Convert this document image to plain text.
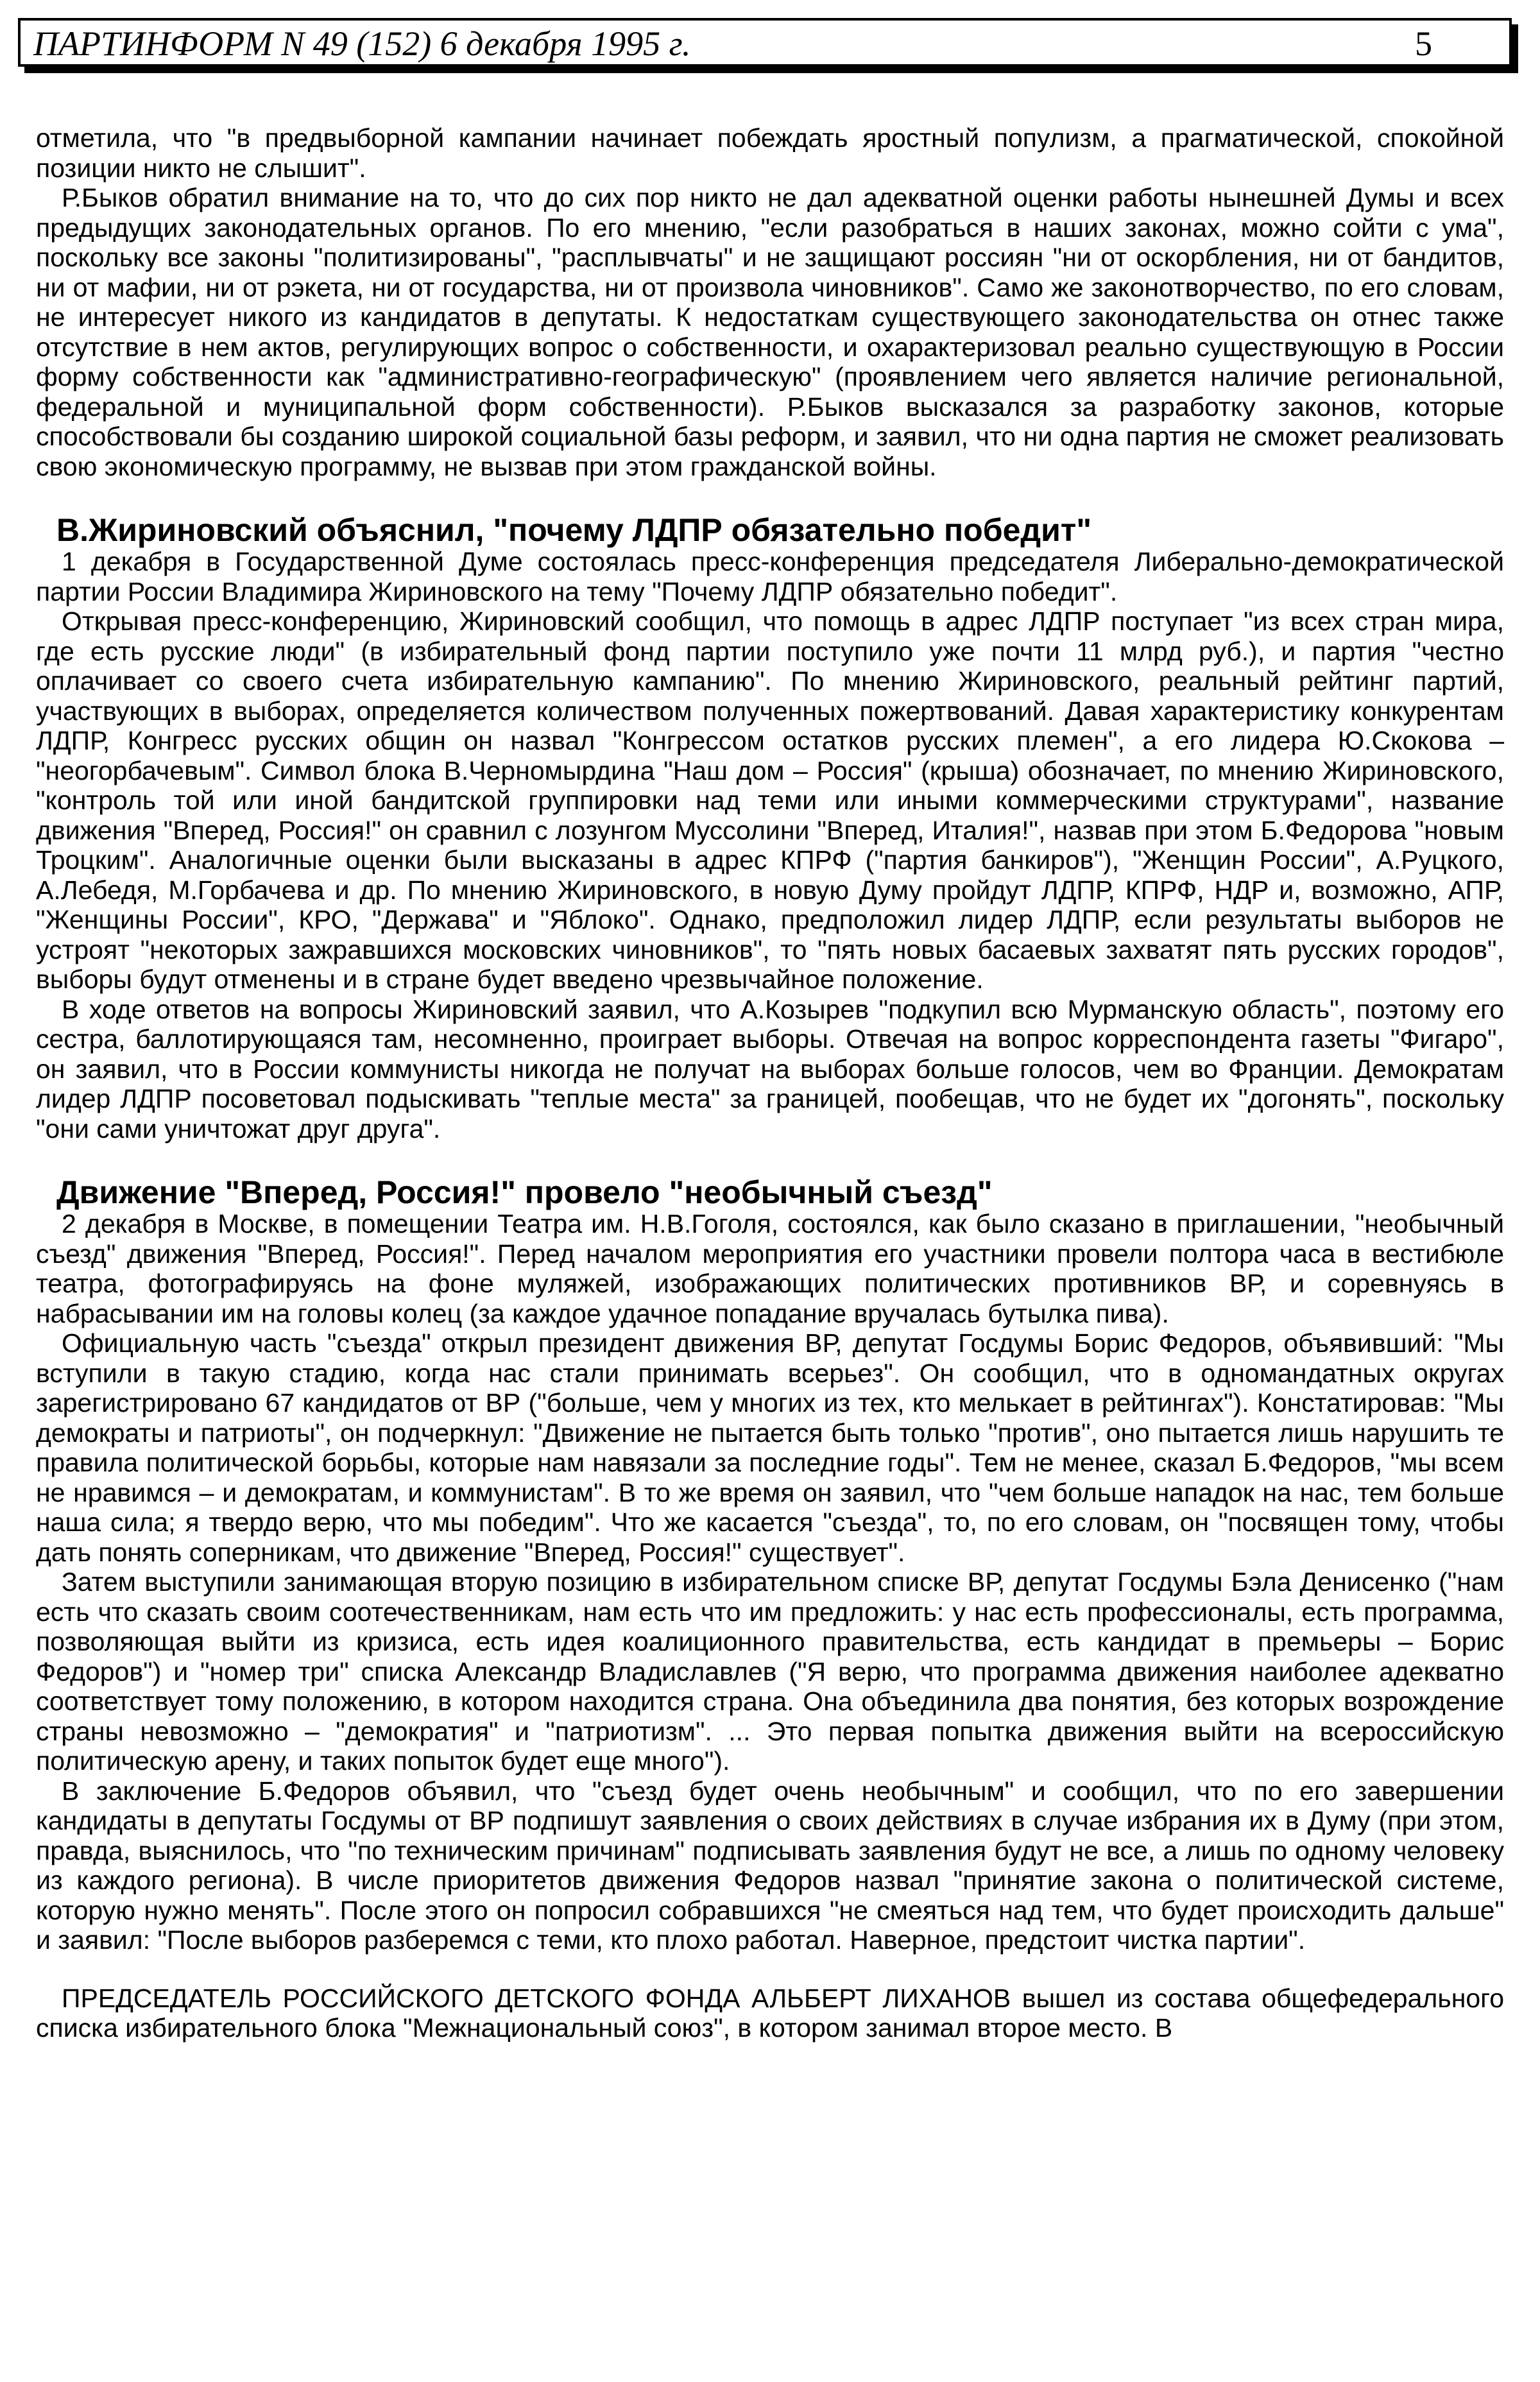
ПАРТИНФОРМ N 49 (152) 6 декабря 1995 г.	5

отметила, что "в предвыборной кампании начинает побеждать яростный популизм, а прагматической, спокойной позиции никто не слышит".

Р.Быков обратил внимание на то, что до сих пор никто не дал адекватной оценки работы нынешней Думы и всех предыдущих законодательных органов. По его мнению, "если разобраться в наших законах, можно сойти с ума", поскольку все законы "политизированы", "расплывчаты" и не защищают россиян "ни от оскорбления, ни от бандитов, ни от мафии, ни от рэкета, ни от государства, ни от произвола чиновников". Само же законотворчество, по его словам, не интересует никого из кандидатов в депутаты. К недостаткам существующего законодательства он отнес также отсутствие в нем актов, регулирующих вопрос о собственности, и охарактеризовал реально существующую в России форму собственности как "административно-географическую" (проявлением чего является наличие региональной, федеральной и муниципальной форм собственности). Р.Быков высказался за разработку законов, которые способствовали бы созданию широкой социальной базы реформ, и заявил, что ни одна партия не сможет реализовать свою экономическую программу, не вызвав при этом гражданской войны.

В.Жириновский объяснил, "почему ЛДПР обязательно победит"

1 декабря в Государственной Думе состоялась пресс-конференция председателя Либерально-демократической партии России Владимира Жириновского на тему "Почему ЛДПР обязательно победит".

Открывая пресс-конференцию, Жириновский сообщил, что помощь в адрес ЛДПР поступает "из всех стран мира, где есть русские люди" (в избирательный фонд партии поступило уже почти 11 млрд руб.), и партия "честно оплачивает со своего счета избирательную кампанию". По мнению Жириновского, реальный рейтинг партий, участвующих в выборах, определяется количеством полученных пожертвований. Давая характеристику конкурентам ЛДПР, Конгресс русских общин он назвал "Конгрессом остатков русских племен", а его лидера Ю.Скокова – "неогорбачевым". Символ блока В.Черномырдина "Наш дом – Россия" (крыша) обозначает, по мнению Жириновского, "контроль той или иной бандитской группировки над теми или иными коммерческими структурами", название движения "Вперед, Россия!" он сравнил с лозунгом Муссолини "Вперед, Италия!", назвав при этом Б.Федорова "новым Троцким". Аналогичные оценки были высказаны в адрес КПРФ ("партия банкиров"), "Женщин России", А.Руцкого, А.Лебедя, М.Горбачева и др. По мнению Жириновского, в новую Думу пройдут ЛДПР, КПРФ, НДР и, возможно, АПР, "Женщины России", КРО, "Держава" и "Яблоко". Однако, предположил лидер ЛДПР, если результаты выборов не устроят "некоторых зажравшихся московских чиновников", то "пять новых басаевых захватят пять русских городов", выборы будут отменены и в стране будет введено чрезвычайное положение.

В ходе ответов на вопросы Жириновский заявил, что А.Козырев "подкупил всю Мурманскую область", поэтому его сестра, баллотирующаяся там, несомненно, проиграет выборы. Отвечая на вопрос корреспондента газеты "Фигаро", он заявил, что в России коммунисты никогда не получат на выборах больше голосов, чем во Франции. Демократам лидер ЛДПР посоветовал подыскивать "теплые места" за границей, пообещав, что не будет их "догонять", поскольку "они сами уничтожат друг друга".

Движение "Вперед, Россия!" провело "необычный съезд"

2 декабря в Москве, в помещении Театра им. Н.В.Гоголя, состоялся, как было сказано в приглашении, "необычный съезд" движения "Вперед, Россия!". Перед началом мероприятия его участники провели полтора часа в вестибюле театра, фотографируясь на фоне муляжей, изображающих политических противников ВР, и соревнуясь в набрасывании им на головы колец (за каждое удачное попадание вручалась бутылка пива).

Официальную часть "съезда" открыл президент движения ВР, депутат Госдумы Борис Федоров, объявивший: "Мы вступили в такую стадию, когда нас стали принимать всерьез". Он сообщил, что в одномандатных округах зарегистрировано 67 кандидатов от ВР ("больше, чем у многих из тех, кто мелькает в рейтингах"). Констатировав: "Мы демократы и патриоты", он подчеркнул: "Движение не пытается быть только "против", оно пытается лишь нарушить те правила политической борьбы, которые нам навязали за последние годы". Тем не менее, сказал Б.Федоров, "мы всем не нравимся – и демократам, и коммунистам". В то же время он заявил, что "чем больше нападок на нас, тем больше наша сила; я твердо верю, что мы победим". Что же касается "съезда", то, по его словам, он "посвящен тому, чтобы дать понять соперникам, что движение "Вперед, Россия!" существует".

Затем выступили занимающая вторую позицию в избирательном списке ВР, депутат Госдумы Бэла Денисенко ("нам есть что сказать своим соотечественникам, нам есть что им предложить: у нас есть профессионалы, есть программа, позволяющая выйти из кризиса, есть идея коалиционного правительства, есть кандидат в премьеры – Борис Федоров") и "номер три" списка Александр Владиславлев ("Я верю, что программа движения наиболее адекватно соответствует тому положению, в котором находится страна. Она объединила два понятия, без которых возрождение страны невозможно – "демократия" и "патриотизм". ... Это первая попытка движения выйти на всероссийскую политическую арену, и таких попыток будет еще много").

В заключение Б.Федоров объявил, что "съезд будет очень необычным" и сообщил, что по его завершении кандидаты в депутаты Госдумы от ВР подпишут заявления о своих действиях в случае избрания их в Думу (при этом, правда, выяснилось, что "по техническим причинам" подписывать заявления будут не все, а лишь по одному человеку из каждого региона). В числе приоритетов движения Федоров назвал "принятие закона о политической системе, которую нужно менять". После этого он попросил собравшихся "не смеяться над тем, что будет происходить дальше" и заявил: "После выборов разберемся с теми, кто плохо работал. Наверное, предстоит чистка партии".

ПРЕДСЕДАТЕЛЬ РОССИЙСКОГО ДЕТСКОГО ФОНДА АЛЬБЕРТ ЛИХАНОВ вышел из состава общефедерального списка избирательного блока "Межнациональный союз", в котором занимал второе место. В
